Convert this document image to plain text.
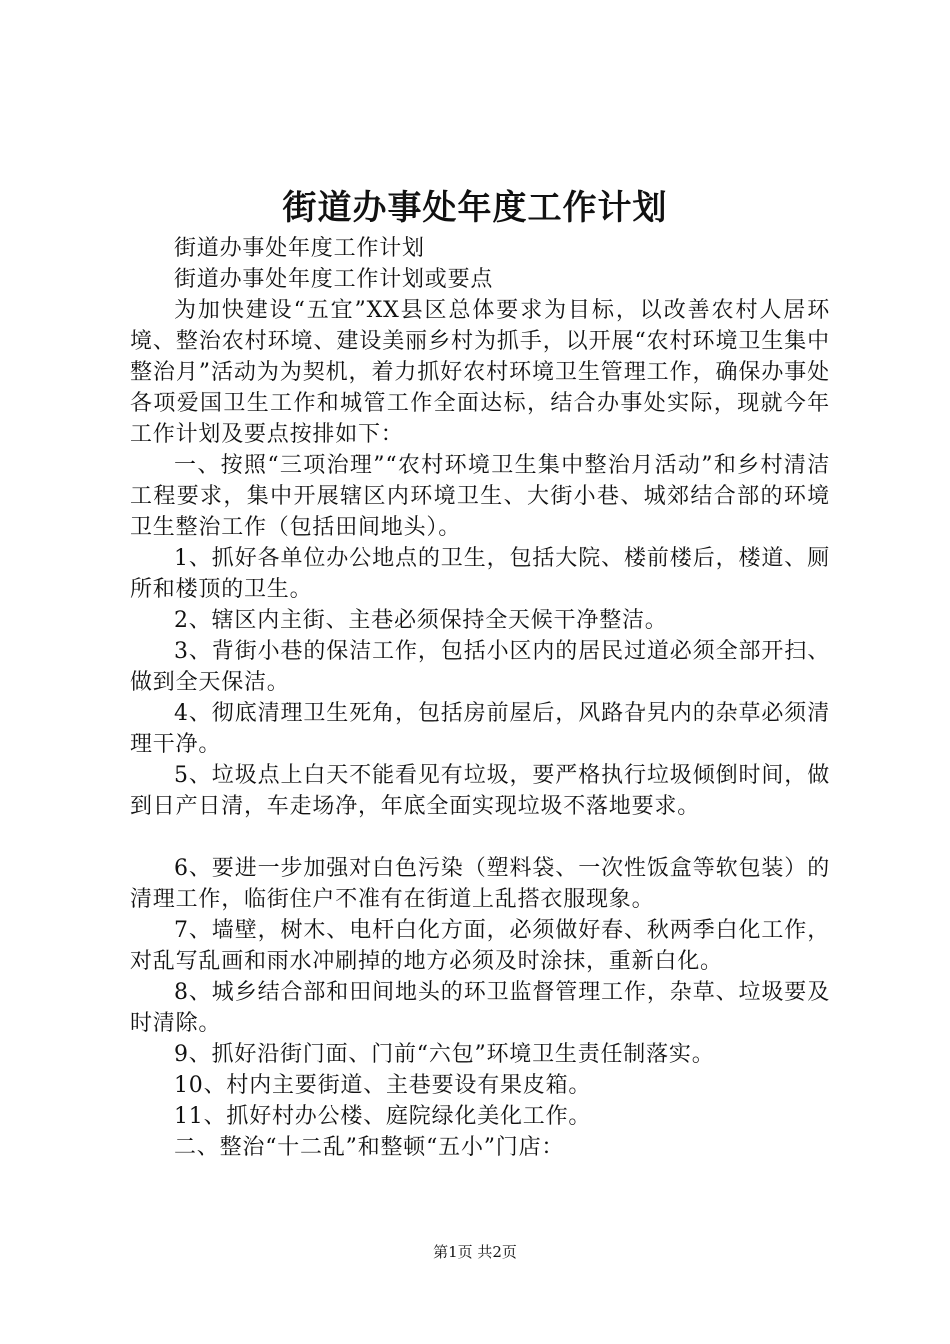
街道办事处年度工作计划

街道办事处年度工作计划

街道办事处年度工作计划或要点

为加快建设“五宜”XX县区总体要求为目标，以改善农村人居环境、整治农村环境、建设美丽乡村为抓手，以开展“农村环境卫生集中整治月”活动为为契机，着力抓好农村环境卫生管理工作，确保办事处各项爱国卫生工作和城管工作全面达标，结合办事处实际，现就今年工作计划及要点按排如下：

一、按照“三项治理”“农村环境卫生集中整治月活动”和乡村清洁工程要求，集中开展辖区内环境卫生、大街小巷、城郊结合部的环境卫生整治工作（包括田间地头）。

1、抓好各单位办公地点的卫生，包括大院、楼前楼后，楼道、厕所和楼顶的卫生。

2、辖区内主街、主巷必须保持全天候干净整洁。

3、背街小巷的保洁工作，包括小区内的居民过道必须全部开扫、做到全天保洁。

4、彻底清理卫生死角，包括房前屋后，风路旮旯内的杂草必须清理干净。

5、垃圾点上白天不能看见有垃圾，要严格执行垃圾倾倒时间，做到日产日清，车走场净，年底全面实现垃圾不落地要求。

6、要进一步加强对白色污染（塑料袋、一次性饭盒等软包装）的清理工作，临街住户不准有在街道上乱搭衣服现象。

7、墙壁，树木、电杆白化方面，必须做好春、秋两季白化工作，对乱写乱画和雨水冲刷掉的地方必须及时涂抹，重新白化。

8、城乡结合部和田间地头的环卫监督管理工作，杂草、垃圾要及时清除。

9、抓好沿街门面、门前“六包”环境卫生责任制落实。

10、村内主要街道、主巷要设有果皮箱。

11、抓好村办公楼、庭院绿化美化工作。

二、整治“十二乱”和整顿“五小”门店：

第1页 共2页
